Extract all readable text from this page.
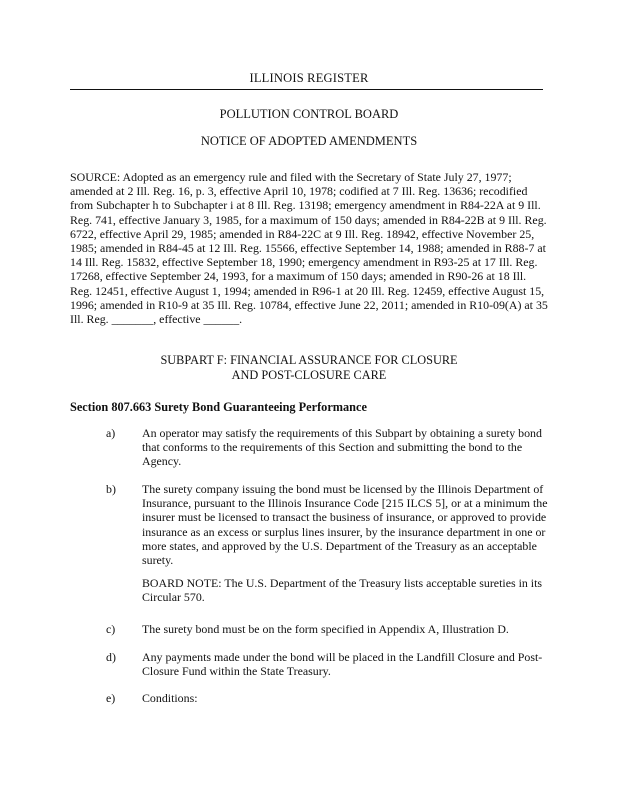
ILLINOIS REGISTER
POLLUTION CONTROL BOARD
NOTICE OF ADOPTED AMENDMENTS
SOURCE: Adopted as an emergency rule and filed with the Secretary of State July 27, 1977; amended at 2 Ill. Reg. 16, p. 3, effective April 10, 1978; codified at 7 Ill. Reg. 13636; recodified from Subchapter h to Subchapter i at 8 Ill. Reg. 13198; emergency amendment in R84-22A at 9 Ill. Reg. 741, effective January 3, 1985, for a maximum of 150 days; amended in R84-22B at 9 Ill. Reg. 6722, effective April 29, 1985; amended in R84-22C at 9 Ill. Reg. 18942, effective November 25, 1985; amended in R84-45 at 12 Ill. Reg. 15566, effective September 14, 1988; amended in R88-7 at 14 Ill. Reg. 15832, effective September 18, 1990; emergency amendment in R93-25 at 17 Ill. Reg. 17268, effective September 24, 1993, for a maximum of 150 days; amended in R90-26 at 18 Ill. Reg. 12451, effective August 1, 1994; amended in R96-1 at 20 Ill. Reg. 12459, effective August 15, 1996; amended in R10-9 at 35 Ill. Reg. 10784, effective June 22, 2011; amended in R10-09(A) at 35 Ill. Reg. _______, effective ______.
SUBPART F: FINANCIAL ASSURANCE FOR CLOSURE
AND POST-CLOSURE CARE
Section 807.663 Surety Bond Guaranteeing Performance
a) An operator may satisfy the requirements of this Subpart by obtaining a surety bond that conforms to the requirements of this Section and submitting the bond to the Agency.
b) The surety company issuing the bond must be licensed by the Illinois Department of Insurance, pursuant to the Illinois Insurance Code [215 ILCS 5], or at a minimum the insurer must be licensed to transact the business of insurance, or approved to provide insurance as an excess or surplus lines insurer, by the insurance department in one or more states, and approved by the U.S. Department of the Treasury as an acceptable surety.
BOARD NOTE: The U.S. Department of the Treasury lists acceptable sureties in its Circular 570.
c) The surety bond must be on the form specified in Appendix A, Illustration D.
d) Any payments made under the bond will be placed in the Landfill Closure and Post-Closure Fund within the State Treasury.
e) Conditions:
